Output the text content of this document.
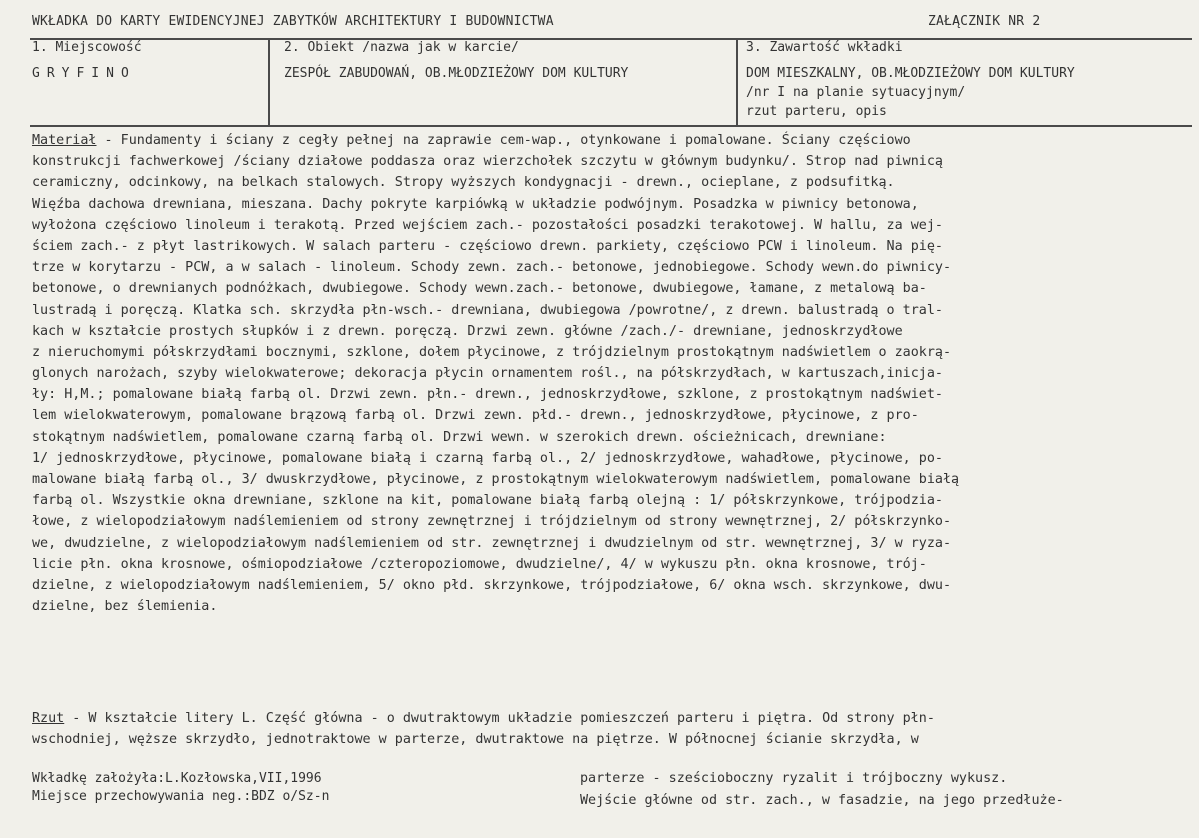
WKŁADKA DO KARTY EWIDENCYJNEJ ZABYTKÓW ARCHITEKTURY I BUDOWNICTWA	ZAŁĄCZNIK NR 2
1. Miejscowość
GRYFINO
2. Obiekt /nazwa jak w karcie/
ZESPÓŁ ZABUDOWAŃ, OB.MŁODZIEŻOWY DOM KULTURY
3. Zawartość wkładki
DOM MIESZKALNY, OB.MŁODZIEŻOWY DOM KULTURY
/nr I na planie sytuacyjnym/
rzut parteru, opis
Materiał - Fundamenty i ściany z cegły pełnej na zaprawie cem-wap., otynkowane i pomalowane. Ściany częściowo
konstrukcji fachwerkowej /ściany działowe poddasza oraz wierzchołek szczytu w głównym budynku/. Strop nad piwnicą
ceramiczny, odcinkowy, na belkach stalowych. Stropy wyższych kondygnacji - drewn., ocieplane, z podsufitką.
Więźba dachowa drewniana, mieszana. Dachy pokryte karpiówką w układzie podwójnym. Posadzka w piwnicy betonowa,
wyłożona częściowo linoleum i terakotą. Przed wejściem zach.- pozostałości posadzki terakotowej. W hallu, za wej-
ściem zach.- z płyt lastrikowych. W salach parteru - częściowo drewn. parkiety, częściowo PCW i linoleum. Na pię-
trze w korytarzu - PCW, a w salach - linoleum. Schody zewn. zach.- betonowe, jednobiegowe. Schody wewn.do piwnicy-
betonowe, o drewnianych podnóżkach, dwubiegowe. Schody wewn.zach.- betonowe, dwubiegowe, łamane, z metalową ba-
lustradą i poręczą. Klatka sch. skrzydła płn-wsch.- drewniana, dwubiegowa /powrotne/, z drewn. balustradą o tral-
kach w kształcie prostych słupków i z drewn. poręczą. Drzwi zewn. główne /zach./- drewniane, jednoskrzydłowe
z nieruchomymi półskrzydłami bocznymi, szklone, dołem płycinowe, z trójdzielnym prostokątnym nadświetlem o zaokrą-
glonych narożach, szyby wielokwaterowe; dekoracja płycin ornamentem rośl., na półskrzydłach, w kartuszach,inicja-
ły: H,M.; pomalowane białą farbą ol. Drzwi zewn. płn.- drewn., jednoskrzydłowe, szklone, z prostokątnym nadświet-
lem wielokwaterowym, pomalowane brązową farbą ol. Drzwi zewn. płd.- drewn., jednoskrzydłowe, płycinowe, z pro-
stokątnym nadświetlem, pomalowane czarną farbą ol. Drzwi wewn. w szerokich drewn. ościeżnicach, drewniane:
1/ jednoskrzydłowe, płycinowe, pomalowane białą i czarną farbą ol., 2/ jednoskrzydłowe, wahadłowe, płycinowe, po-
malowane białą farbą ol., 3/ dwuskrzydłowe, płycinowe, z prostokątnym wielokwaterowym nadświetlem, pomalowane białą
farbą ol. Wszystkie okna drewniane, szklone na kit, pomalowane białą farbą olejną : 1/ półskrzynkowe, trójpodzia-
łowe, z wielopodziałowym nadślemieniem od strony zewnętrznej i trójdzielnym od strony wewnętrznej, 2/ półskrzynko-
we, dwudzielne, z wielopodziałowym nadślemieniem od str. zewnętrznej i dwudzielnym od str. wewnętrznej, 3/ w ryza-
licie płn. okna krosnowe, ośmiopodziałowe /czteropoziomowe, dwudzielne/, 4/ w wykuszu płn. okna krosnowe, trój-
dzielne, z wielopodziałowym nadślemieniem, 5/ okno płd. skrzynkowe, trójpodziałowe, 6/ okna wsch. skrzynkowe, dwu-
dzielne, bez ślemienia.
Rzut - W kształcie litery L. Część główna - o dwutraktowym układzie pomieszczeń parteru i piętra. Od strony płn-
wschodniej, węższe skrzydło, jednotraktowe w parterze, dwutraktowe na piętrze. W północnej ścianie skrzydła, w
parterze - sześcioboczny ryzalit i trójboczny wykusz.
Wejście główne od str. zach., w fasadzie, na jego przedłuże-
Wkładkę założyła:L.Kozłowska,VII,1996
Miejsce przechowywania neg.:BDZ o/Sz-n
